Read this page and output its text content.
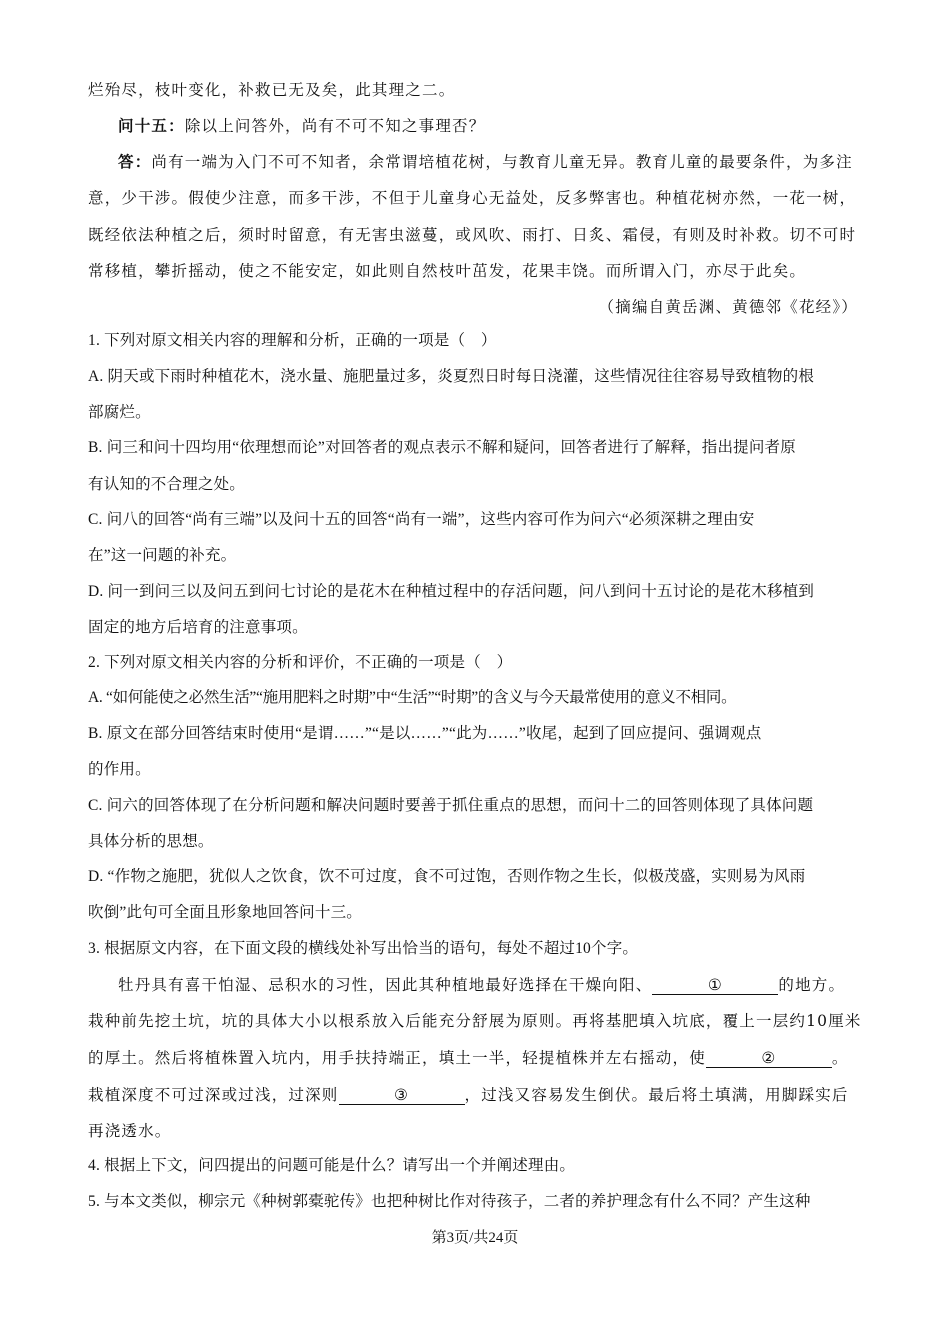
烂殆尽，枝叶变化，补救已无及矣，此其理之二。
问十五：除以上问答外，尚有不可不知之事理否？
答：尚有一端为入门不可不知者，余常谓培植花树，与教育儿童无异。教育儿童的最要条件，为多注
意，少干涉。假使少注意，而多干涉，不但于儿童身心无益处，反多弊害也。种植花树亦然，一花一树，
既经依法种植之后，须时时留意，有无害虫滋蔓，或风吹、雨打、日炙、霜侵，有则及时补救。切不可时
常移植，攀折摇动，使之不能安定，如此则自然枝叶茁发，花果丰饶。而所谓入门，亦尽于此矣。
（摘编自黄岳渊、黄德邻《花经》）
1. 下列对原文相关内容的理解和分析，正确的一项是（　）
A. 阴天或下雨时种植花木，浇水量、施肥量过多，炎夏烈日时每日浇灌，这些情况往往容易导致植物的根
部腐烂。
B. 问三和问十四均用“依理想而论”对回答者的观点表示不解和疑问，回答者进行了解释，指出提问者原
有认知的不合理之处。
C. 问八的回答“尚有三端”以及问十五的回答“尚有一端”，这些内容可作为问六“必须深耕之理由安
在”这一问题的补充。
D. 问一到问三以及问五到问七讨论的是花木在种植过程中的存活问题，问八到问十五讨论的是花木移植到
固定的地方后培育的注意事项。
2. 下列对原文相关内容的分析和评价，不正确的一项是（　）
A. “如何能使之必然生活”“施用肥料之时期”中“生活”“时期”的含义与今天最常使用的意义不相同。
B. 原文在部分回答结束时使用“是谓……”“是以……”“此为……”收尾，起到了回应提问、强调观点
的作用。
C. 问六的回答体现了在分析问题和解决问题时要善于抓住重点的思想，而问十二的回答则体现了具体问题
具体分析的思想。
D. “作物之施肥，犹似人之饮食，饮不可过度，食不可过饱，否则作物之生长，似极茂盛，实则易为风雨
吹倒”此句可全面且形象地回答问十三。
3. 根据原文内容，在下面文段的横线处补写出恰当的语句，每处不超过10个字。
牡丹具有喜干怕湿、忌积水的习性，因此其种植地最好选择在干燥向阳、	①	的地方。
栽种前先挖土坑，坑的具体大小以根系放入后能充分舒展为原则。再将基肥填入坑底，覆上一层约10厘米
的厚土。然后将植株置入坑内，用手扶持端正，填土一半，轻提植株并左右摇动，使	②	。
栽植深度不可过深或过浅，过深则	③	，过浅又容易发生倒伏。最后将土填满，用脚踩实后
再浇透水。
4. 根据上下文，问四提出的问题可能是什么？请写出一个并阐述理由。
5. 与本文类似，柳宗元《种树郭橐驼传》也把种树比作对待孩子，二者的养护理念有什么不同？产生这种
第3页/共24页
